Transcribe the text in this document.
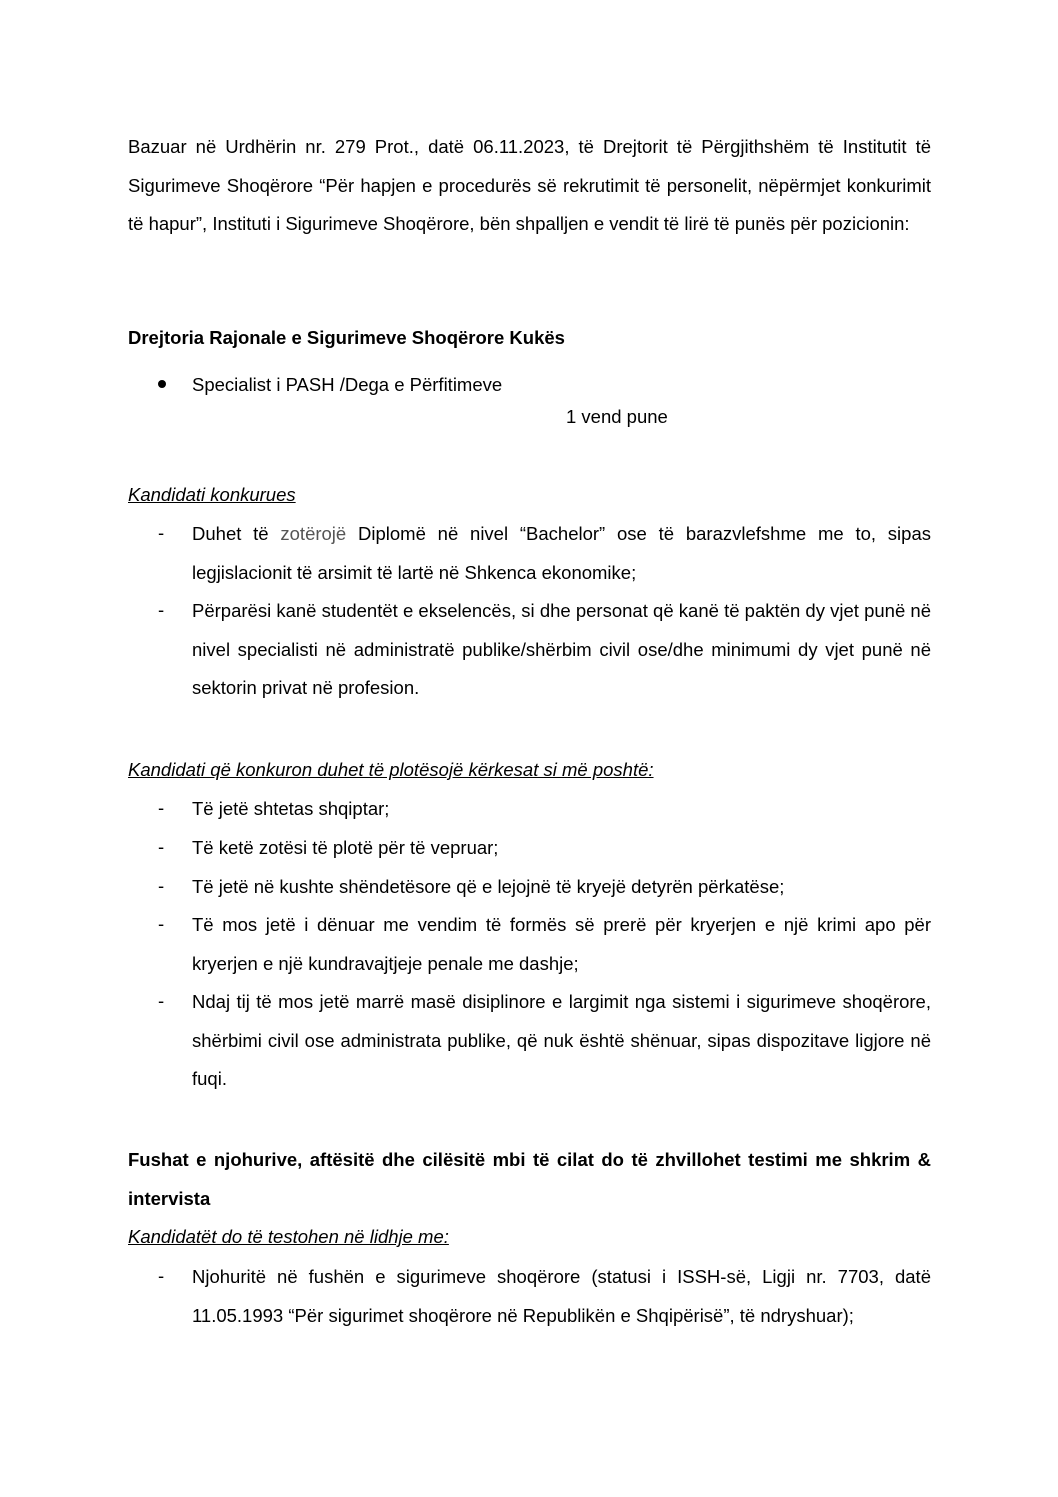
Bazuar në Urdhërin nr. 279 Prot., datë 06.11.2023, të Drejtorit të Përgjithshëm të Institutit të Sigurimeve Shoqërore “Për hapjen e procedurës së rekrutimit të personelit, nëpërmjet konkurimit të hapur”, Instituti i Sigurimeve Shoqërore, bën shpalljen e vendit të lirë të punës për pozicionin:
Drejtoria Rajonale e Sigurimeve Shoqërore Kukës
Specialist i PASH /Dega e Përfitimeve
1 vend pune
Kandidati konkurues
-	Duhet të zotërojë Diplomë në nivel “Bachelor” ose të barazvlefshme me to, sipas legjislacionit të arsimit të lartë në Shkenca ekonomike;
-	Përparësi kanë studentët e ekselencës, si dhe personat që kanë të paktën dy vjet punë në nivel specialisti në administratë publike/shërbim civil ose/dhe minimumi dy vjet punë në sektorin privat në profesion.
Kandidati që konkuron duhet të plotësojë kërkesat si më poshtë:
-	Të jetë shtetas shqiptar;
-	Të ketë zotësi të plotë për të vepruar;
-	Të jetë në kushte shëndetësore që e lejojnë të kryejë detyrën përkatëse;
-	Të mos jetë i dënuar me vendim të formës së prerë për kryerjen e një krimi apo për kryerjen e një kundravajtjeje penale me dashje;
-	Ndaj tij të mos jetë marrë masë disiplinore e largimit nga sistemi i sigurimeve shoqërore, shërbimi civil ose administrata publike, që nuk është shënuar, sipas dispozitave ligjore në fuqi.
Fushat e njohurive, aftësitë dhe cilësitë mbi të cilat do të zhvillohet testimi me shkrim & intervista
Kandidatët do të testohen në lidhje me:
-	Njohuritë në fushën e sigurimeve shoqërore (statusi i ISSH-së, Ligji nr. 7703, datë 11.05.1993 “Për sigurimet shoqërore në Republikën e Shqipërisë”, të ndryshuar);
